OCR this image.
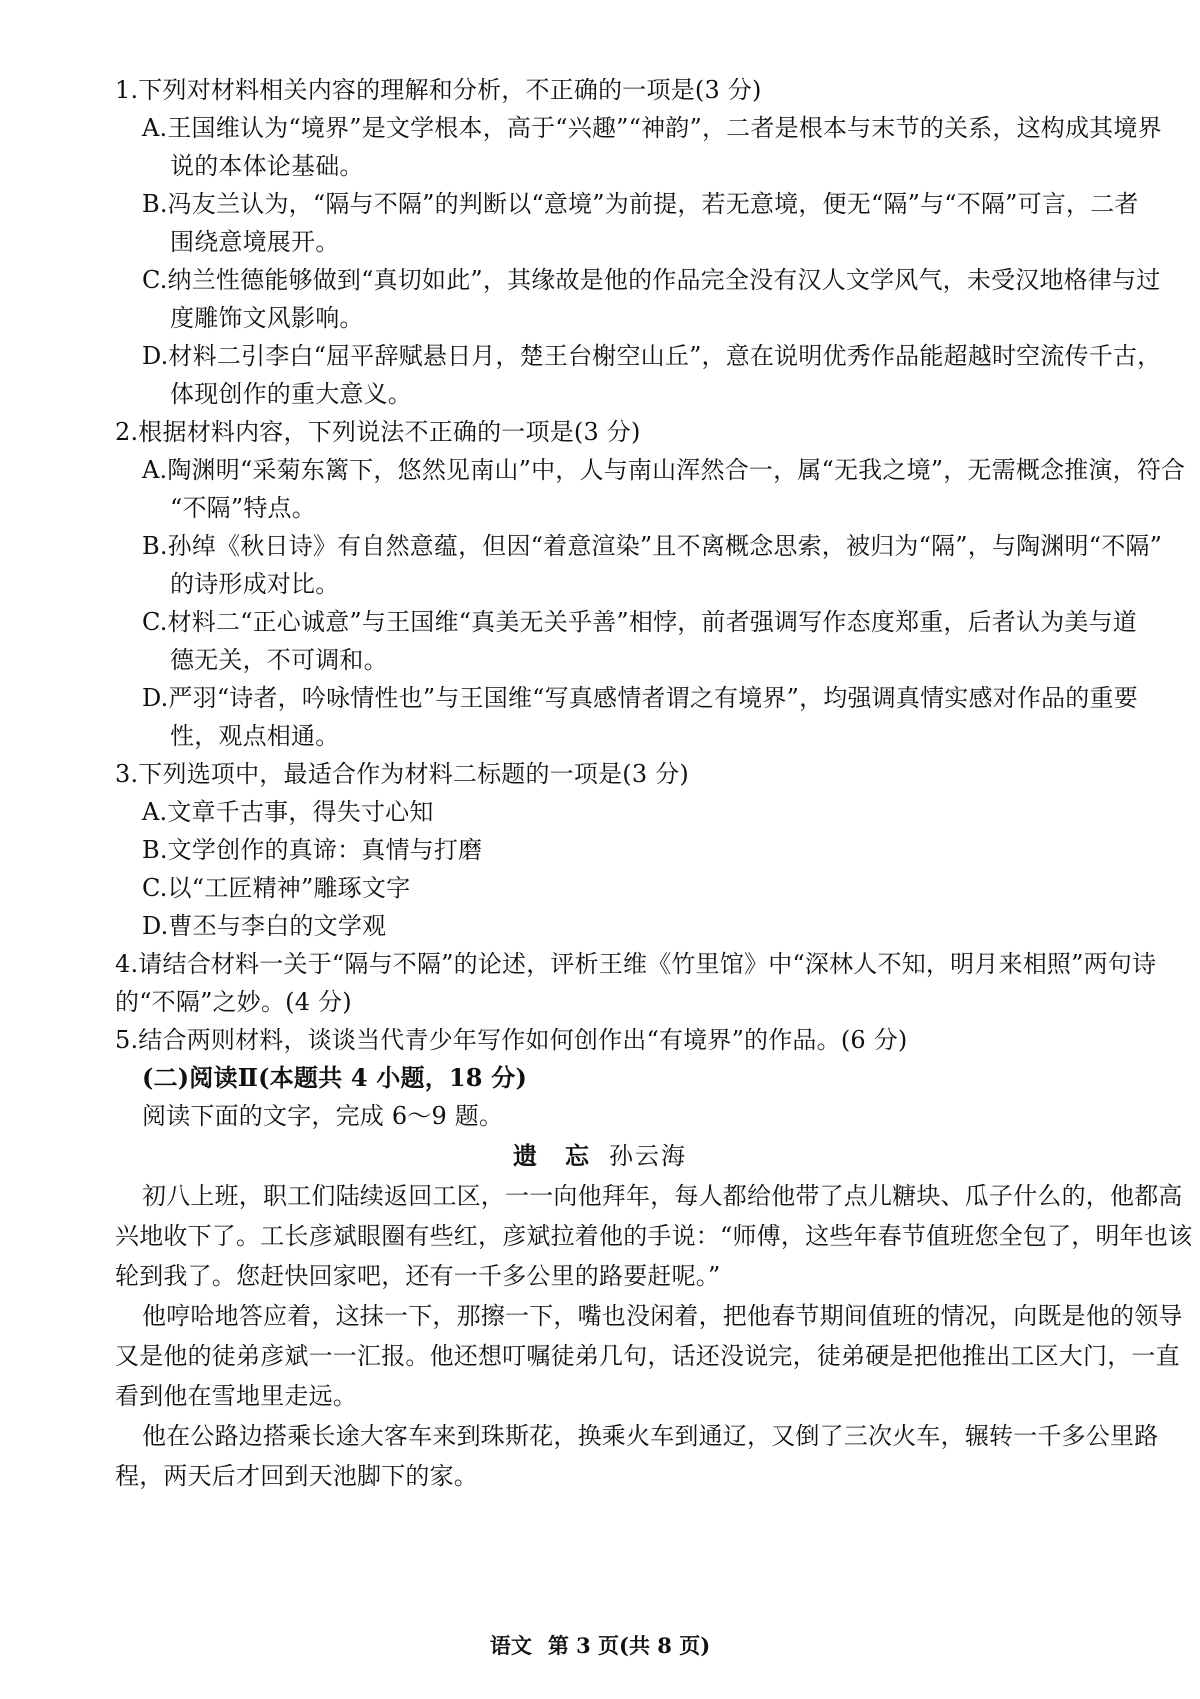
1.下列对材料相关内容的理解和分析，不正确的一项是(3 分)
A.王国维认为“境界”是文学根本，高于“兴趣”“神韵”，二者是根本与末节的关系，这构成其境界
说的本体论基础。
B.冯友兰认为，“隔与不隔”的判断以“意境”为前提，若无意境，便无“隔”与“不隔”可言，二者
围绕意境展开。
C.纳兰性德能够做到“真切如此”，其缘故是他的作品完全没有汉人文学风气，未受汉地格律与过
度雕饰文风影响。
D.材料二引李白“屈平辞赋悬日月，楚王台榭空山丘”，意在说明优秀作品能超越时空流传千古，
体现创作的重大意义。
2.根据材料内容，下列说法不正确的一项是(3 分)
A.陶渊明“采菊东篱下，悠然见南山”中，人与南山浑然合一，属“无我之境”，无需概念推演，符合
“不隔”特点。
B.孙绰《秋日诗》有自然意蕴，但因“着意渲染”且不离概念思索，被归为“隔”，与陶渊明“不隔”
的诗形成对比。
C.材料二“正心诚意”与王国维“真美无关乎善”相悖，前者强调写作态度郑重，后者认为美与道
德无关，不可调和。
D.严羽“诗者，吟咏情性也”与王国维“写真感情者谓之有境界”，均强调真情实感对作品的重要
性，观点相通。
3.下列选项中，最适合作为材料二标题的一项是(3 分)
A.文章千古事，得失寸心知
B.文学创作的真谛：真情与打磨
C.以“工匠精神”雕琢文字
D.曹丕与李白的文学观
4.请结合材料一关于“隔与不隔”的论述，评析王维《竹里馆》中“深林人不知，明月来相照”两句诗
的“不隔”之妙。(4 分)
5.结合两则材料，谈谈当代青少年写作如何创作出“有境界”的作品。(6 分)
(二)阅读Ⅱ(本题共 4 小题，18 分)
阅读下面的文字，完成 6～9 题。
遗　忘 孙云海
初八上班，职工们陆续返回工区，一一向他拜年，每人都给他带了点儿糖块、瓜子什么的，他都高
兴地收下了。工长彦斌眼圈有些红，彦斌拉着他的手说：“师傅，这些年春节值班您全包了，明年也该
轮到我了。您赶快回家吧，还有一千多公里的路要赶呢。”
他哼哈地答应着，这抹一下，那擦一下，嘴也没闲着，把他春节期间值班的情况，向既是他的领导
又是他的徒弟彦斌一一汇报。他还想叮嘱徒弟几句，话还没说完，徒弟硬是把他推出工区大门，一直
看到他在雪地里走远。
他在公路边搭乘长途大客车来到珠斯花，换乘火车到通辽，又倒了三次火车，辗转一千多公里路
程，两天后才回到天池脚下的家。
语文 第 3 页(共 8 页)
